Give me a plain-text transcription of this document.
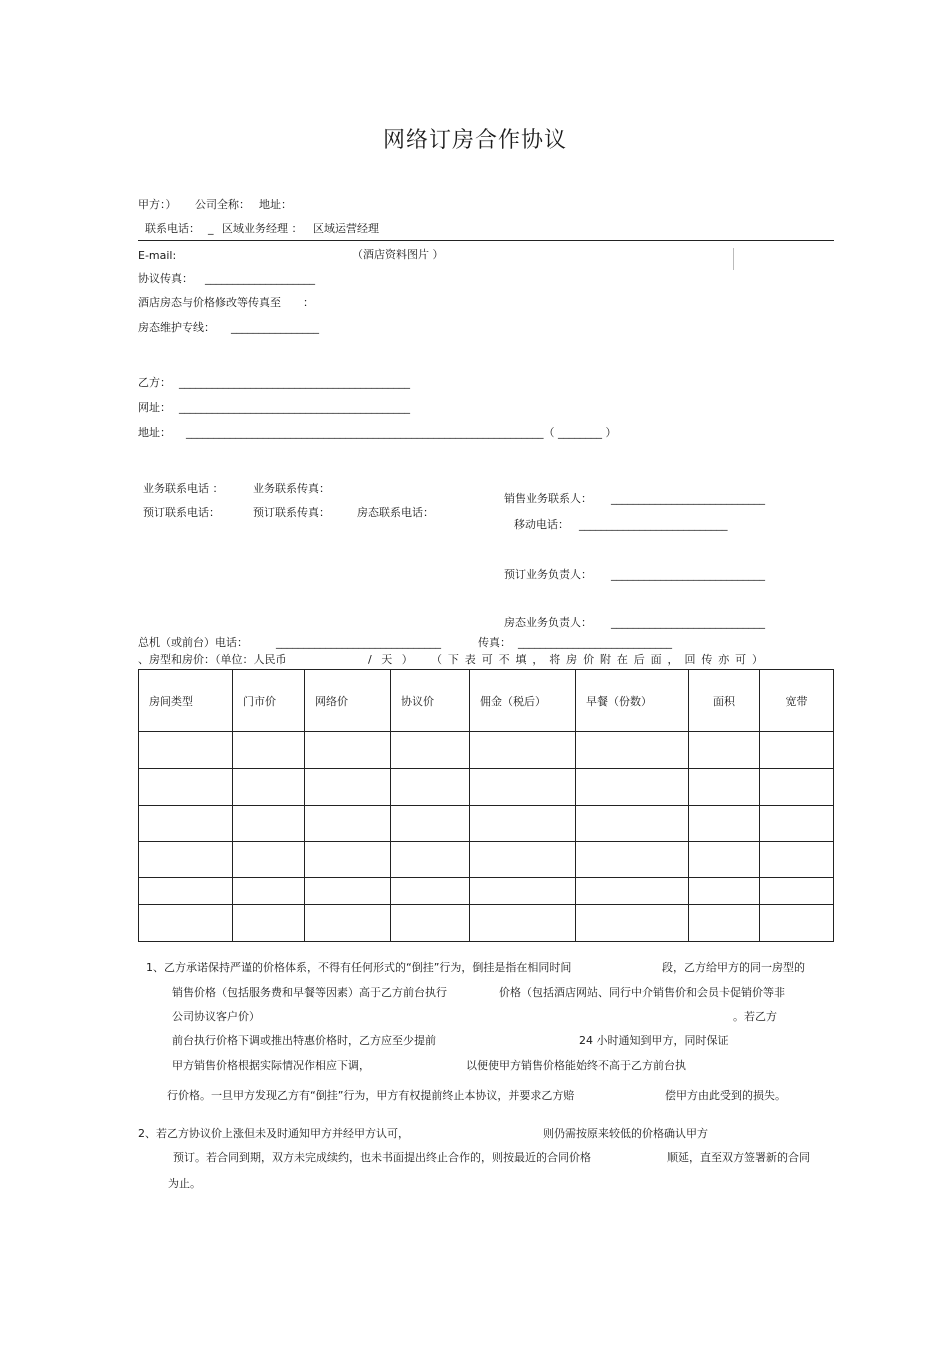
网络订房合作协议
甲方：） 公司全称： 地址：
联系电话： _ 区域业务经理 ： 区域运营经理
E-mail:	（酒店资料图片 ）
协议传真： ____________________
酒店房态与价格修改等传真至 ：
房态维护专线： ________________
乙方： __________________________________________
网址： __________________________________________
地址： _________________________________________________________________（ ________ ）
业务联系电话 ：	业务联系传真：
预订联系电话：	预订联系传真： 房态联系电话：
销售业务联系人： ____________________________
移动电话： ___________________________
预订业务负责人： ____________________________
房态业务负责人： ____________________________
总机（或前台）电话：	______________________________	传真： ____________________________
、房型和房价：（单位：人民币	/ 天 ） （ 下 表 可 不 填 ， 将 房 价 附 在 后 面 ， 回 传 亦 可 ）
房间类型	门市价	网络价	协议价	佣金（税后）	早餐（份数）	面积	宽带

1、乙方承诺保持严谨的价格体系，不得有任何形式的“倒挂”行为，倒挂是指在相同时间	段，乙方给甲方的同一房型的
销售价格（包括服务费和早餐等因素）高于乙方前台执行	价格（包括酒店网站、同行中介销售价和会员卡促销价等非
公司协议客户价）	。若乙方
前台执行价格下调或推出特惠价格时，乙方应至少提前	24 小时通知到甲方，同时保证
甲方销售价格根据实际情况作相应下调，	以便使甲方销售价格能始终不高于乙方前台执
行价格。一旦甲方发现乙方有“倒挂”行为，甲方有权提前终止本协议，并要求乙方赔	偿甲方由此受到的损失。
2、若乙方协议价上涨但未及时通知甲方并经甲方认可，	则仍需按原来较低的价格确认甲方
预订。若合同到期，双方未完成续约，也未书面提出终止合作的，则按最近的合同价格	顺延，直至双方签署新的合同
为止。
